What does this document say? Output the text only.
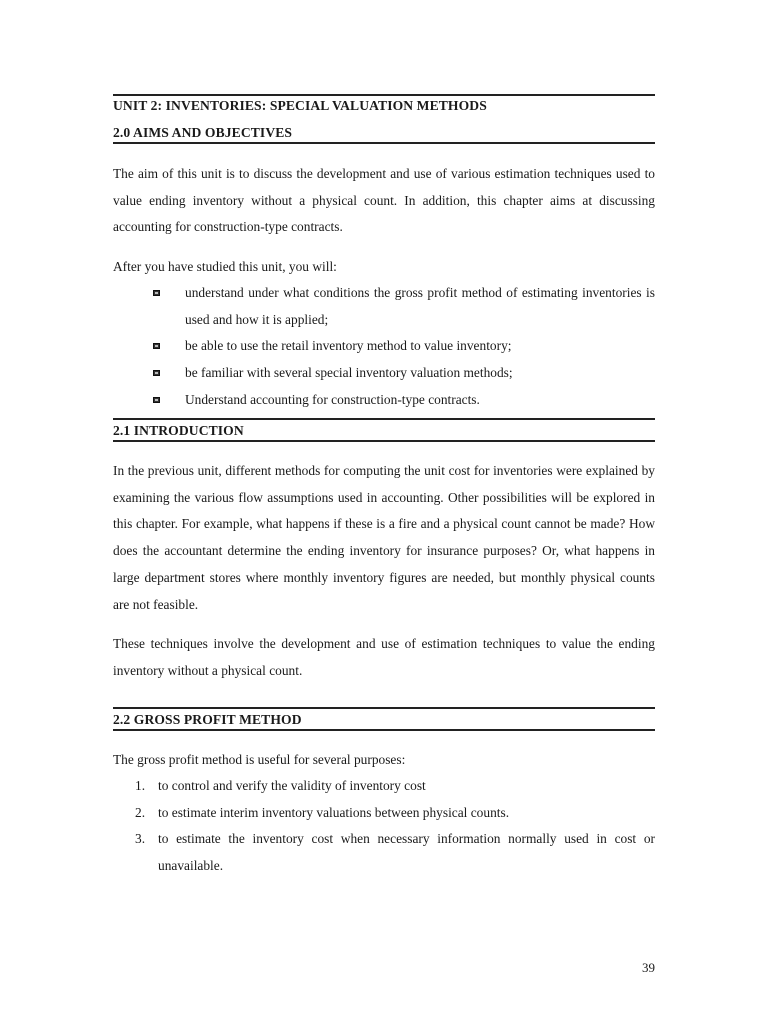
UNIT 2: INVENTORIES: SPECIAL VALUATION METHODS
2.0 AIMS AND OBJECTIVES

The aim of this unit is to discuss the development and use of various estimation techniques used to value ending inventory without a physical count. In addition, this chapter aims at discussing accounting for construction-type contracts.

After you have studied this unit, you will:
understand under what conditions the gross profit method of estimating inventories is used and how it is applied;
be able to use the retail inventory method to value inventory;
be familiar with several special inventory valuation methods;
Understand accounting for construction-type contracts.
2.1 INTRODUCTION

In the previous unit, different methods for computing the unit cost for inventories were explained by examining the various flow assumptions used in accounting. Other possibilities will be explored in this chapter. For example, what happens if these is a fire and a physical count cannot be made? How does the accountant determine the ending inventory for insurance purposes? Or, what happens in large department stores where monthly inventory figures are needed, but monthly physical counts are not feasible.

These techniques involve the development and use of estimation techniques to value the ending inventory without a physical count.

2.2 GROSS PROFIT METHOD
The gross profit method is useful for several purposes:
1. to control and verify the validity of inventory cost
2. to estimate interim inventory valuations between physical counts.
3. to estimate the inventory cost when necessary information normally used in cost or unavailable.
39
